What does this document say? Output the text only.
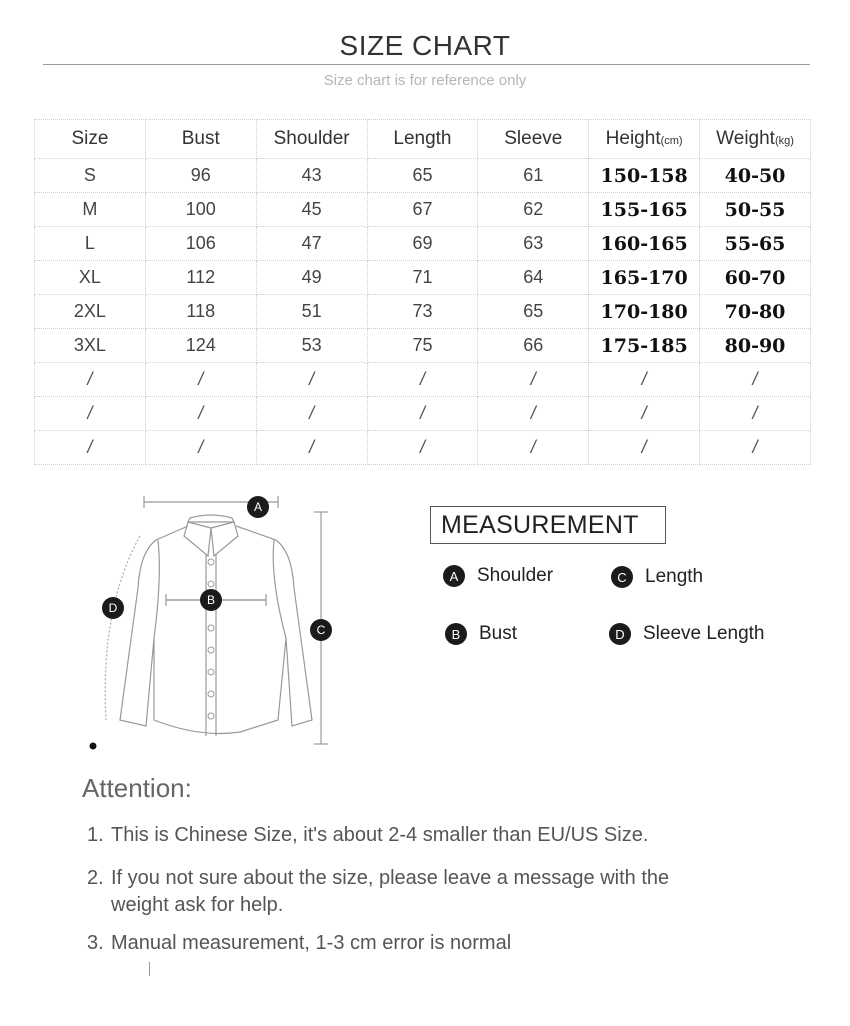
SIZE CHART
Size chart is for reference only
Size	Bust	Shoulder	Length	Sleeve	Height(cm)	Weight(kg)
S	96	43	65	61	150-158	40-50
M	100	45	67	62	155-165	50-55
L	106	47	69	63	160-165	55-65
XL	112	49	71	64	165-170	60-70
2XL	118	51	73	65	170-180	70-80
3XL	124	53	75	66	175-185	80-90
/	/	/	/	/	/	/
/	/	/	/	/	/	/
/	/	/	/	/	/	/
A
B
C
D
MEASUREMENT
A Shoulder	C Length
B Bust	D Sleeve Length
Attention:
1. This is Chinese Size, it's about 2-4 smaller than EU/US Size.
2. If you not sure about the size, please leave a message with the
weight ask for help.
3. Manual measurement, 1-3 cm error is normal
